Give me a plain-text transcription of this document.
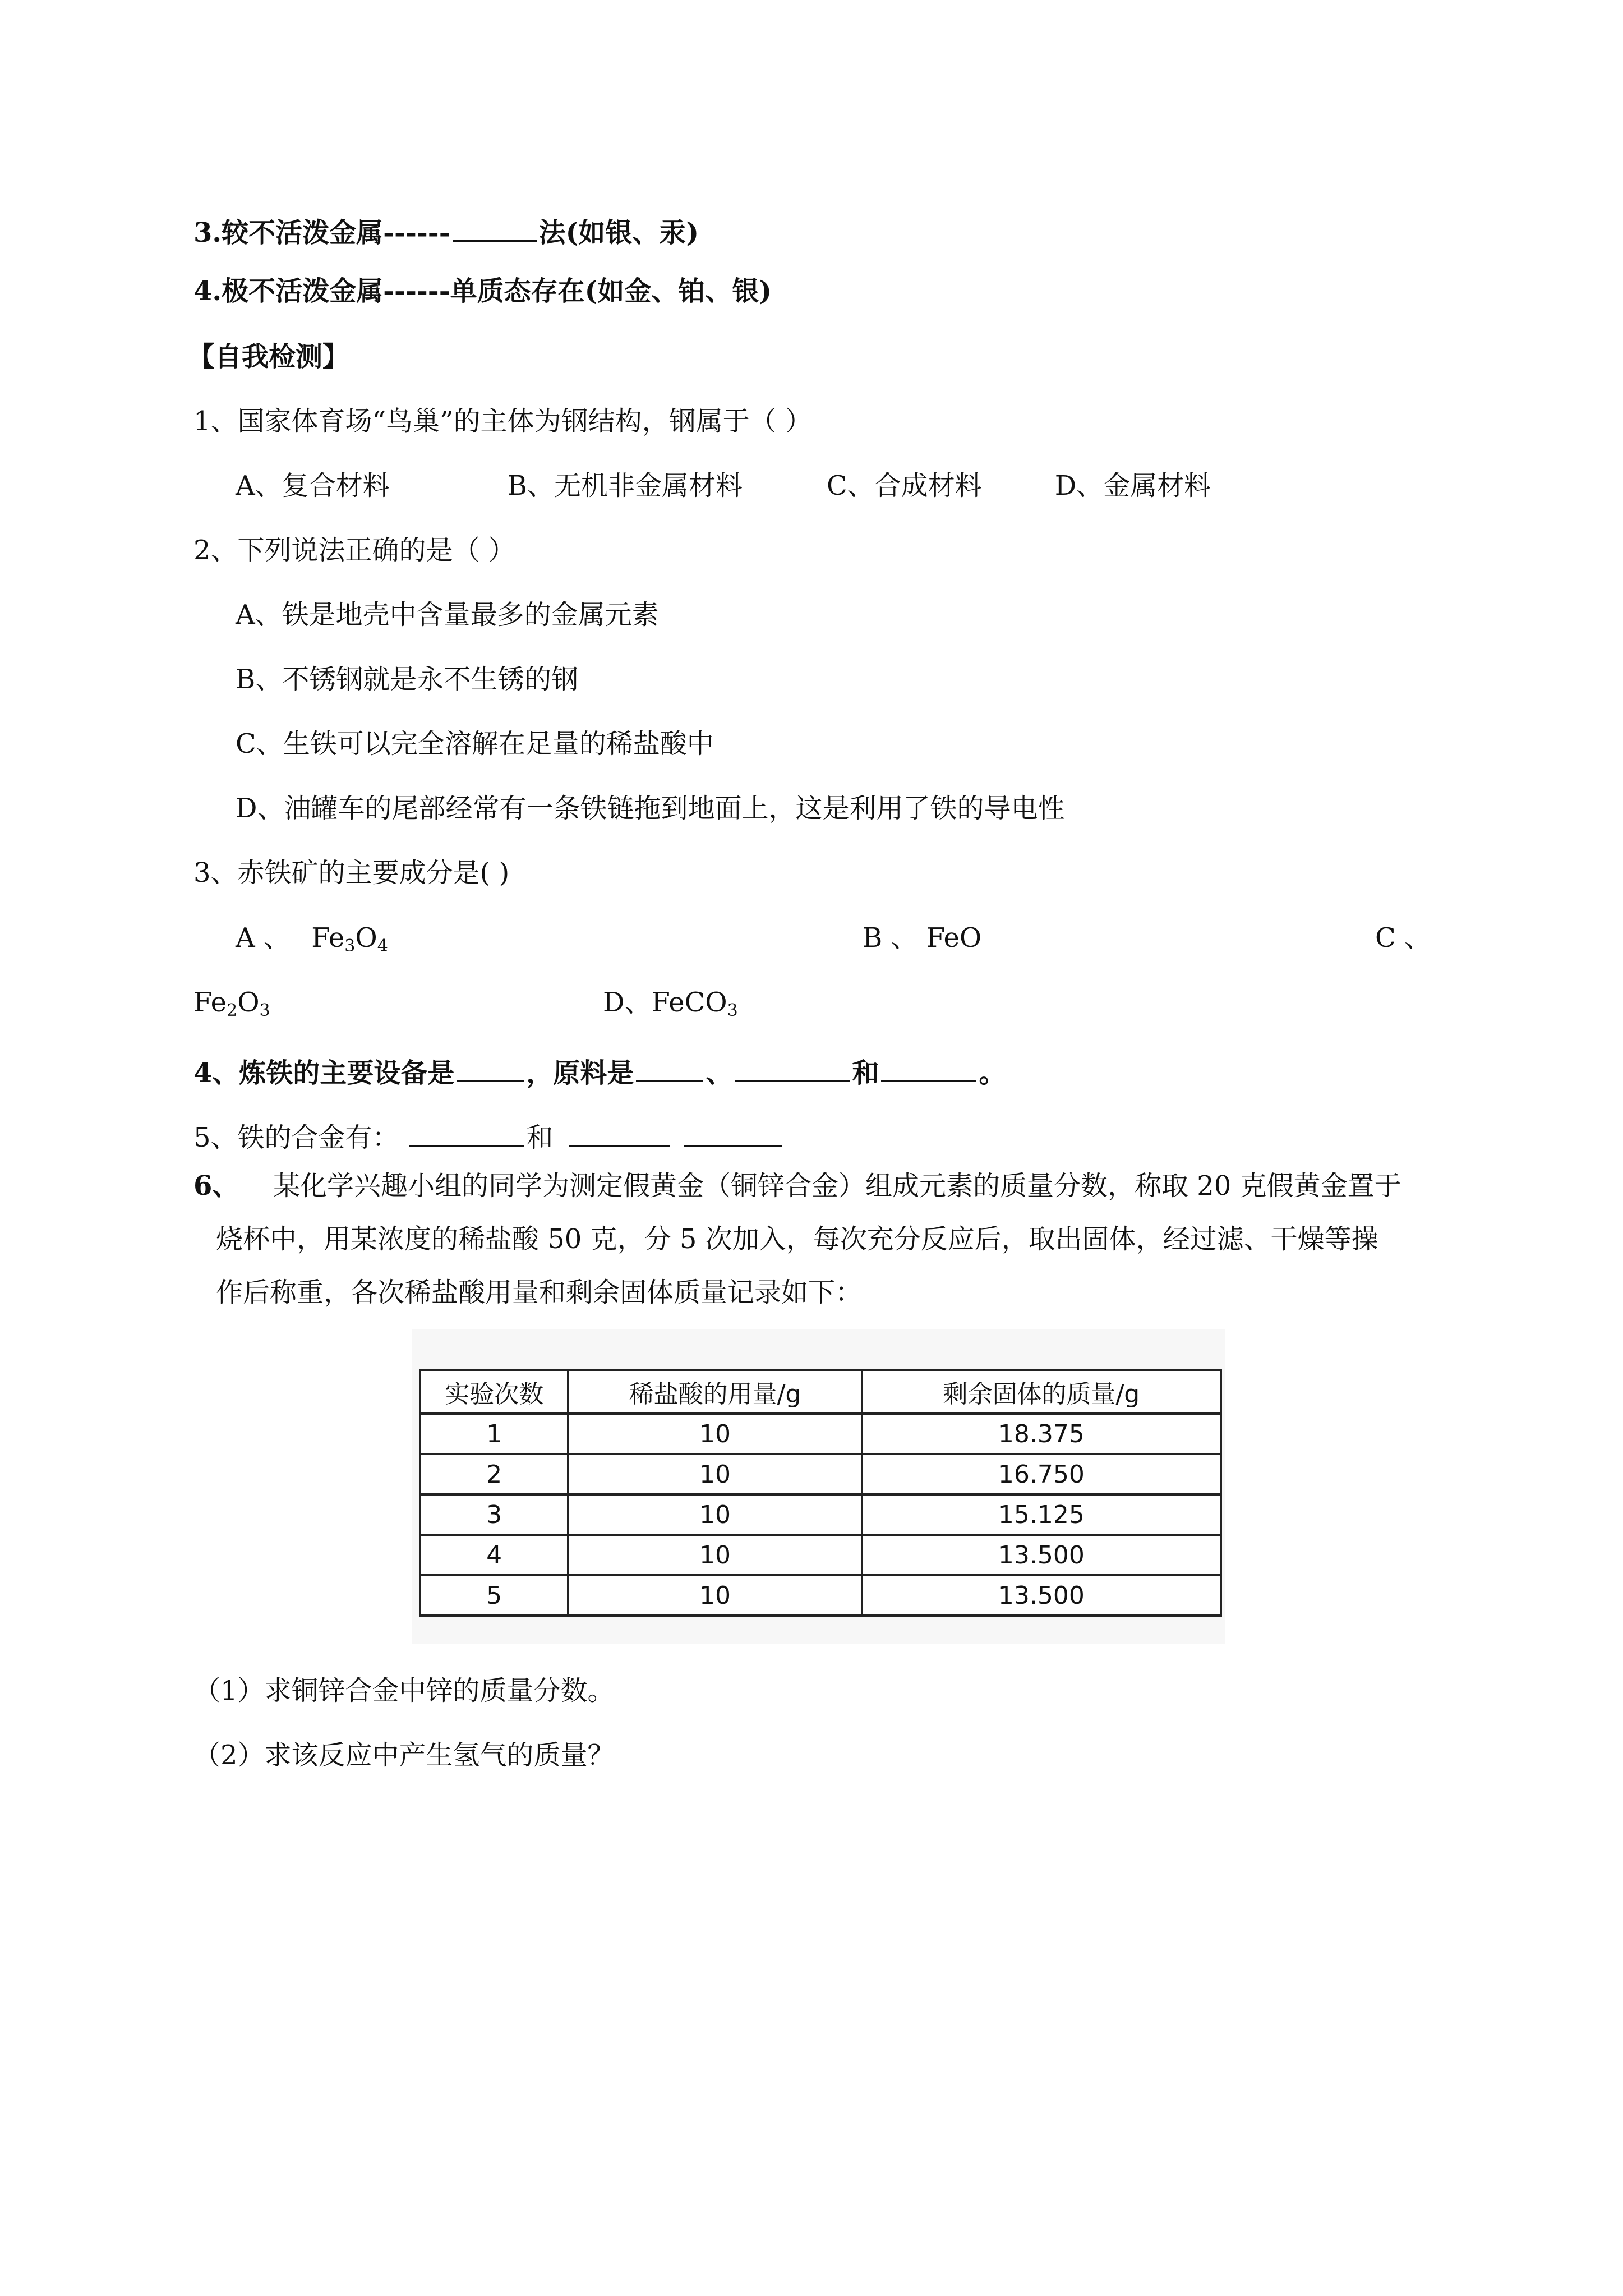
3.较不活泼金属------	法(如银、汞)
4.极不活泼金属------单质态存在(如金、铂、银)
【自我检测】
1、国家体育场“鸟巢”的主体为钢结构，钢属于（ ）
A、复合材料	B、无机非金属材料	C、合成材料	D、金属材料
2、下列说法正确的是（ ）
A、铁是地壳中含量最多的金属元素
B、不锈钢就是永不生锈的钢
C、生铁可以完全溶解在足量的稀盐酸中
D、油罐车的尾部经常有一条铁链拖到地面上，这是利用了铁的导电性
3、赤铁矿的主要成分是( )
A 、 $Fe_3O_4$	B 、 FeO	C 、
$Fe_2O_3$	D、FeCO$_3$
4、炼铁的主要设备是	，原料是	、	和	。
5、铁的合金有：	和
6、 某化学兴趣小组的同学为测定假黄金（铜锌合金）组成元素的质量分数，称取 20 克假黄金置于
烧杯中，用某浓度的稀盐酸 50 克，分 5 次加入，每次充分反应后，取出固体，经过滤、干燥等操
作后称重，各次稀盐酸用量和剩余固体质量记录如下：
实验次数	稀盐酸的用量/g	剩余固体的质量/g
1	10	18.375
2	10	16.750
3	10	15.125
4	10	13.500
5	10	13.500
（1）求铜锌合金中锌的质量分数。
（2）求该反应中产生氢气的质量？
